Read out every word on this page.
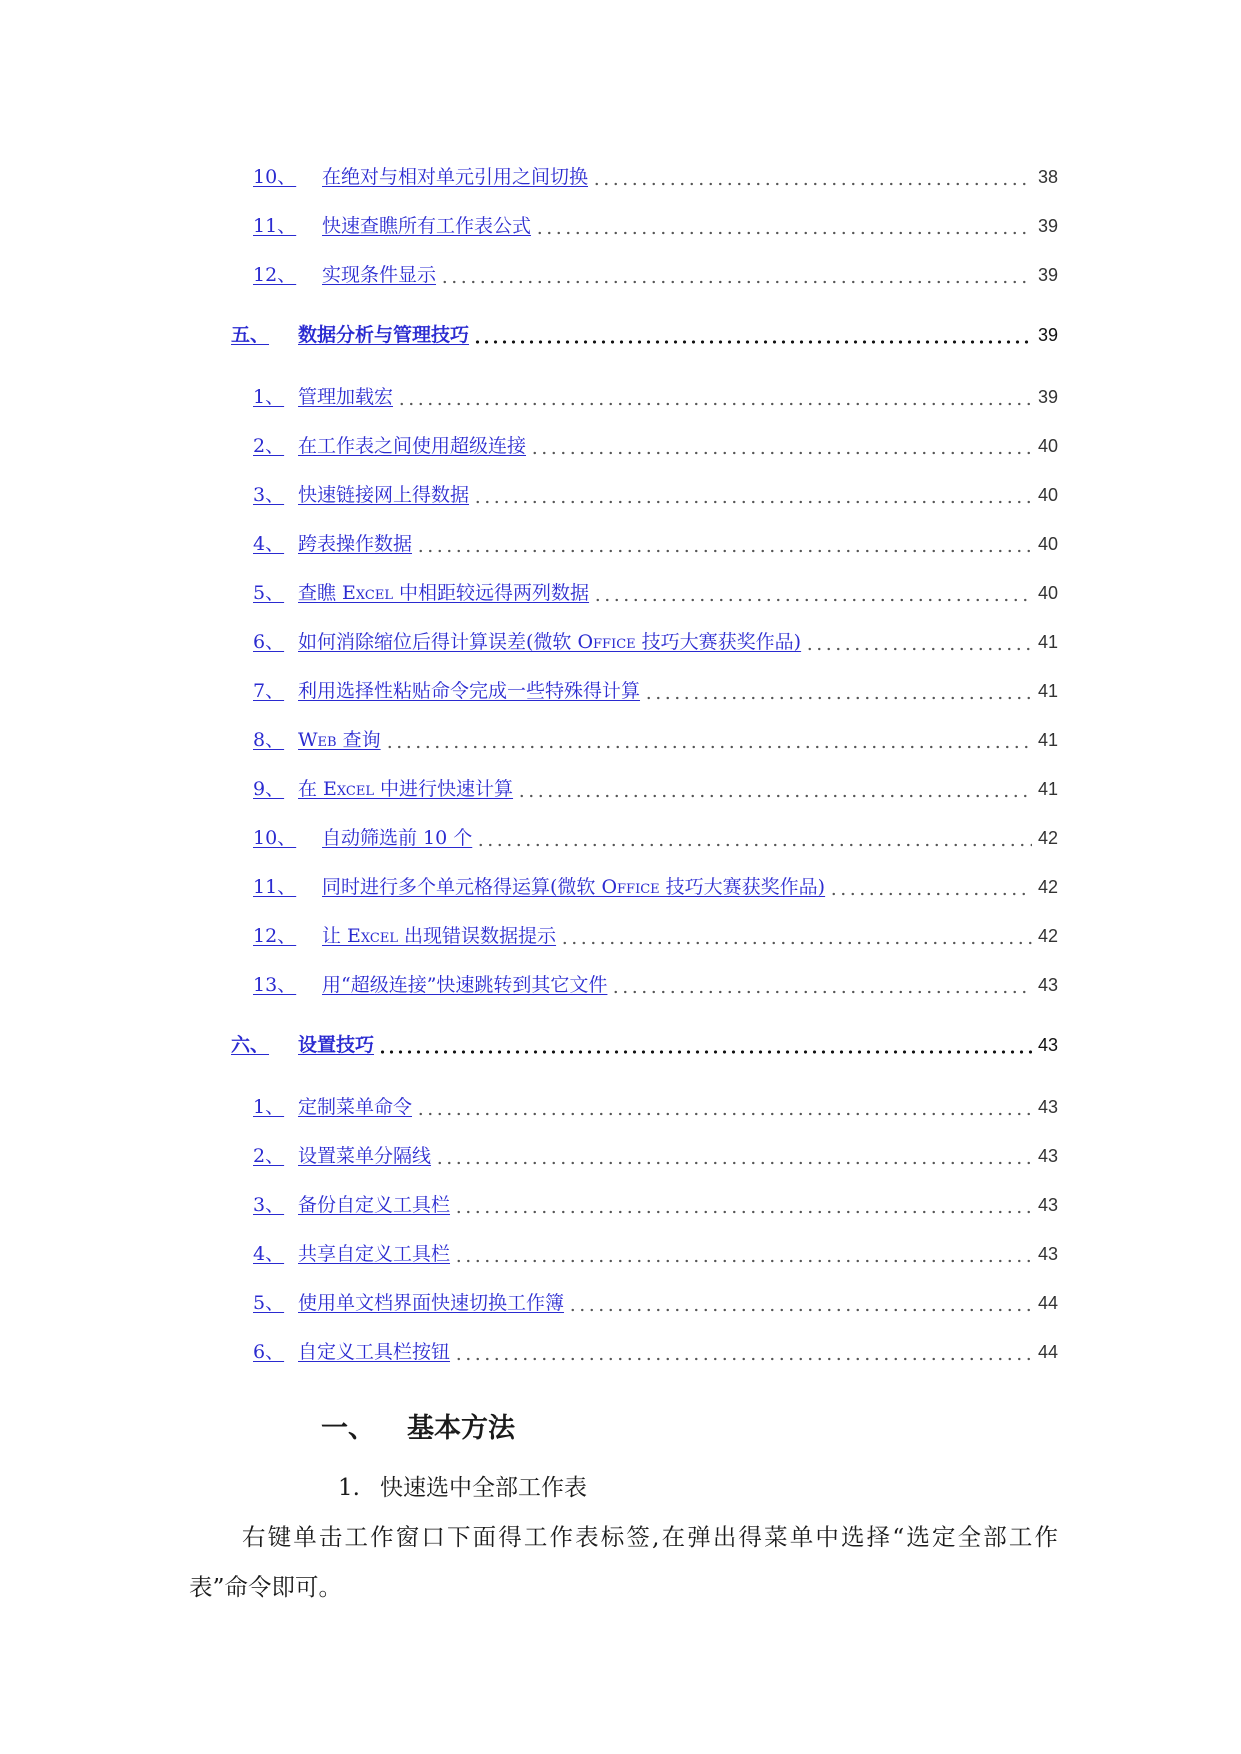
10、	在绝对与相对单元引用之间切换	38
11、	快速查瞧所有工作表公式	39
12、	实现条件显示	39
五、	数据分析与管理技巧	39
1、 管理加载宏	39
2、 在工作表之间使用超级连接	40
3、 快速链接网上得数据	40
4、 跨表操作数据	40
5、 查瞧 Excel 中相距较远得两列数据	40
6、 如何消除缩位后得计算误差(微软 Office 技巧大赛获奖作品)	41
7、 利用选择性粘贴命令完成一些特殊得计算	41
8、 Web 查询	41
9、 在 Excel 中进行快速计算	41
10、	自动筛选前 10 个	42
11、	同时进行多个单元格得运算(微软 Office 技巧大赛获奖作品)	42
12、	让 Excel 出现错误数据提示	42
13、	用“超级连接”快速跳转到其它文件	43
六、	设置技巧	43
1、 定制菜单命令	43
2、 设置菜单分隔线	43
3、 备份自定义工具栏	43
4、 共享自定义工具栏	43
5、 使用单文档界面快速切换工作簿	44
6、 自定义工具栏按钮	44
一、 基本方法
1. 快速选中全部工作表
右键单击工作窗口下面得工作表标签,在弹出得菜单中选择“选定全部工作
表”命令即可。
